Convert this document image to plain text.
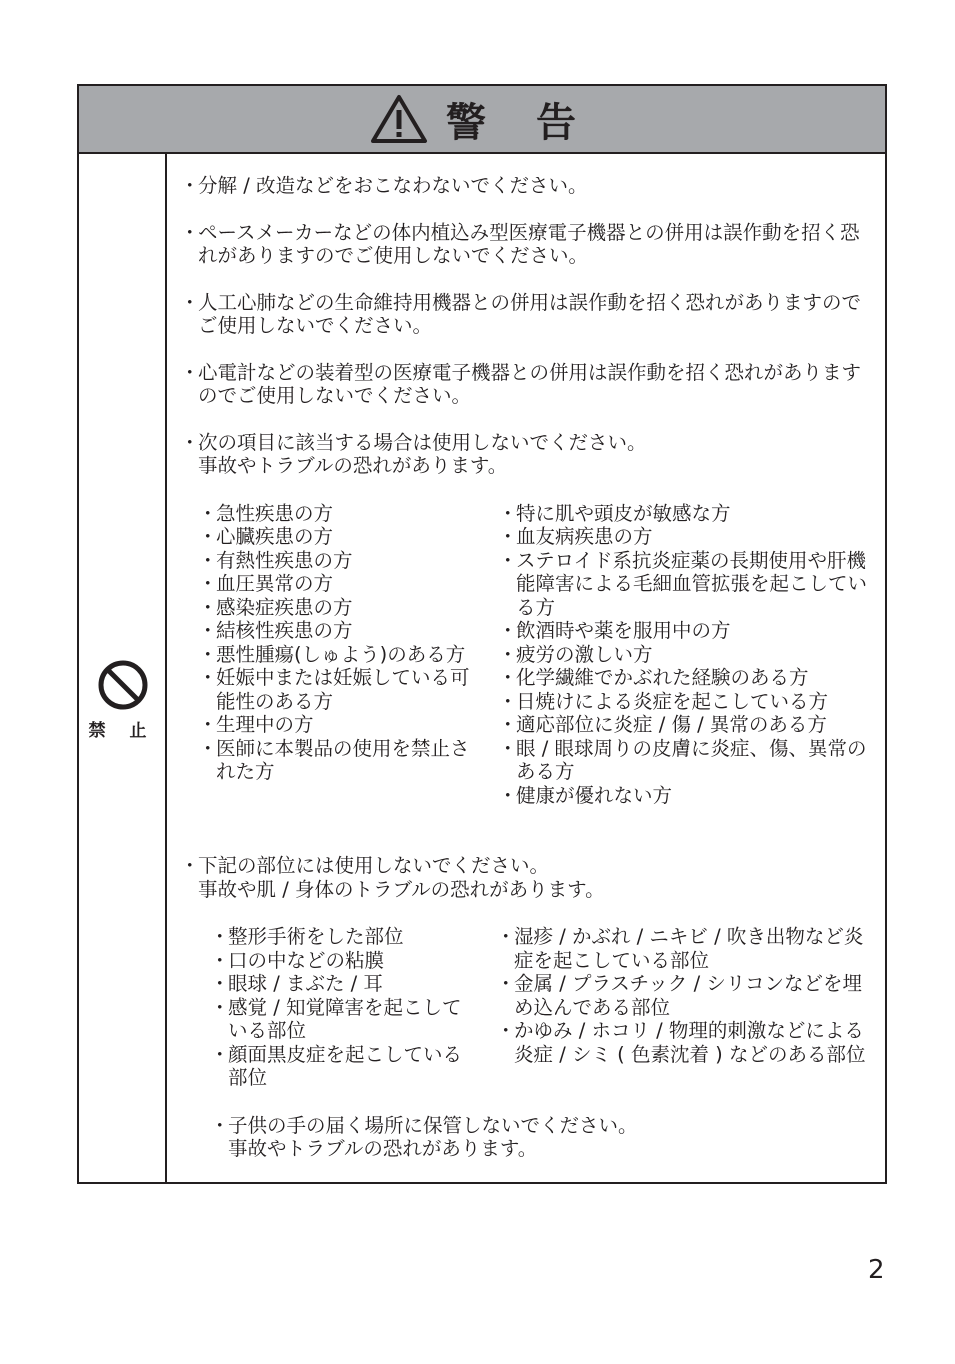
警 告
禁 止
・ 分解 / 改造などをおこなわないでください。
・ ペースメーカーなどの体内植込み型医療電子機器との併用は誤作動を招く恐れがありますのでご使用しないでください。
・ 人工心肺などの生命維持用機器との併用は誤作動を招く恐れがありますのでご使用しないでください。
・ 心電計などの装着型の医療電子機器との併用は誤作動を招く恐れがありますのでご使用しないでください。
・ 次の項目に該当する場合は使用しないでください。
事故やトラブルの恐れがあります。
・ 急性疾患の方
・ 心臓疾患の方
・ 有熱性疾患の方
・ 血圧異常の方
・ 感染症疾患の方
・ 結核性疾患の方
・ 悪性腫瘍(しゅよう)のある方
・ 妊娠中または妊娠している可能性のある方
・ 生理中の方
・ 医師に本製品の使用を禁止された方
・ 特に肌や頭皮が敏感な方
・ 血友病疾患の方
・ ステロイド系抗炎症薬の長期使用や肝機能障害による毛細血管拡張を起こしている方
・ 飲酒時や薬を服用中の方
・ 疲労の激しい方
・ 化学繊維でかぶれた経験のある方
・ 日焼けによる炎症を起こしている方
・ 適応部位に炎症 / 傷 / 異常のある方
・ 眼 / 眼球周りの皮膚に炎症、傷、異常のある方
・ 健康が優れない方
・ 下記の部位には使用しないでください。
事故や肌 / 身体のトラブルの恐れがあります。
・ 整形手術をした部位
・ 口の中などの粘膜
・ 眼球 / まぶた / 耳
・ 感覚 / 知覚障害を起こしている部位
・ 顔面黒皮症を起こしている部位
・ 湿疹 / かぶれ / ニキビ / 吹き出物など炎症を起こしている部位
・ 金属 / プラスチック / シリコンなどを埋め込んである部位
・ かゆみ / ホコリ / 物理的刺激などによる炎症 / シミ ( 色素沈着 ) などのある部位
・ 子供の手の届く場所に保管しないでください。
事故やトラブルの恐れがあります。
2
